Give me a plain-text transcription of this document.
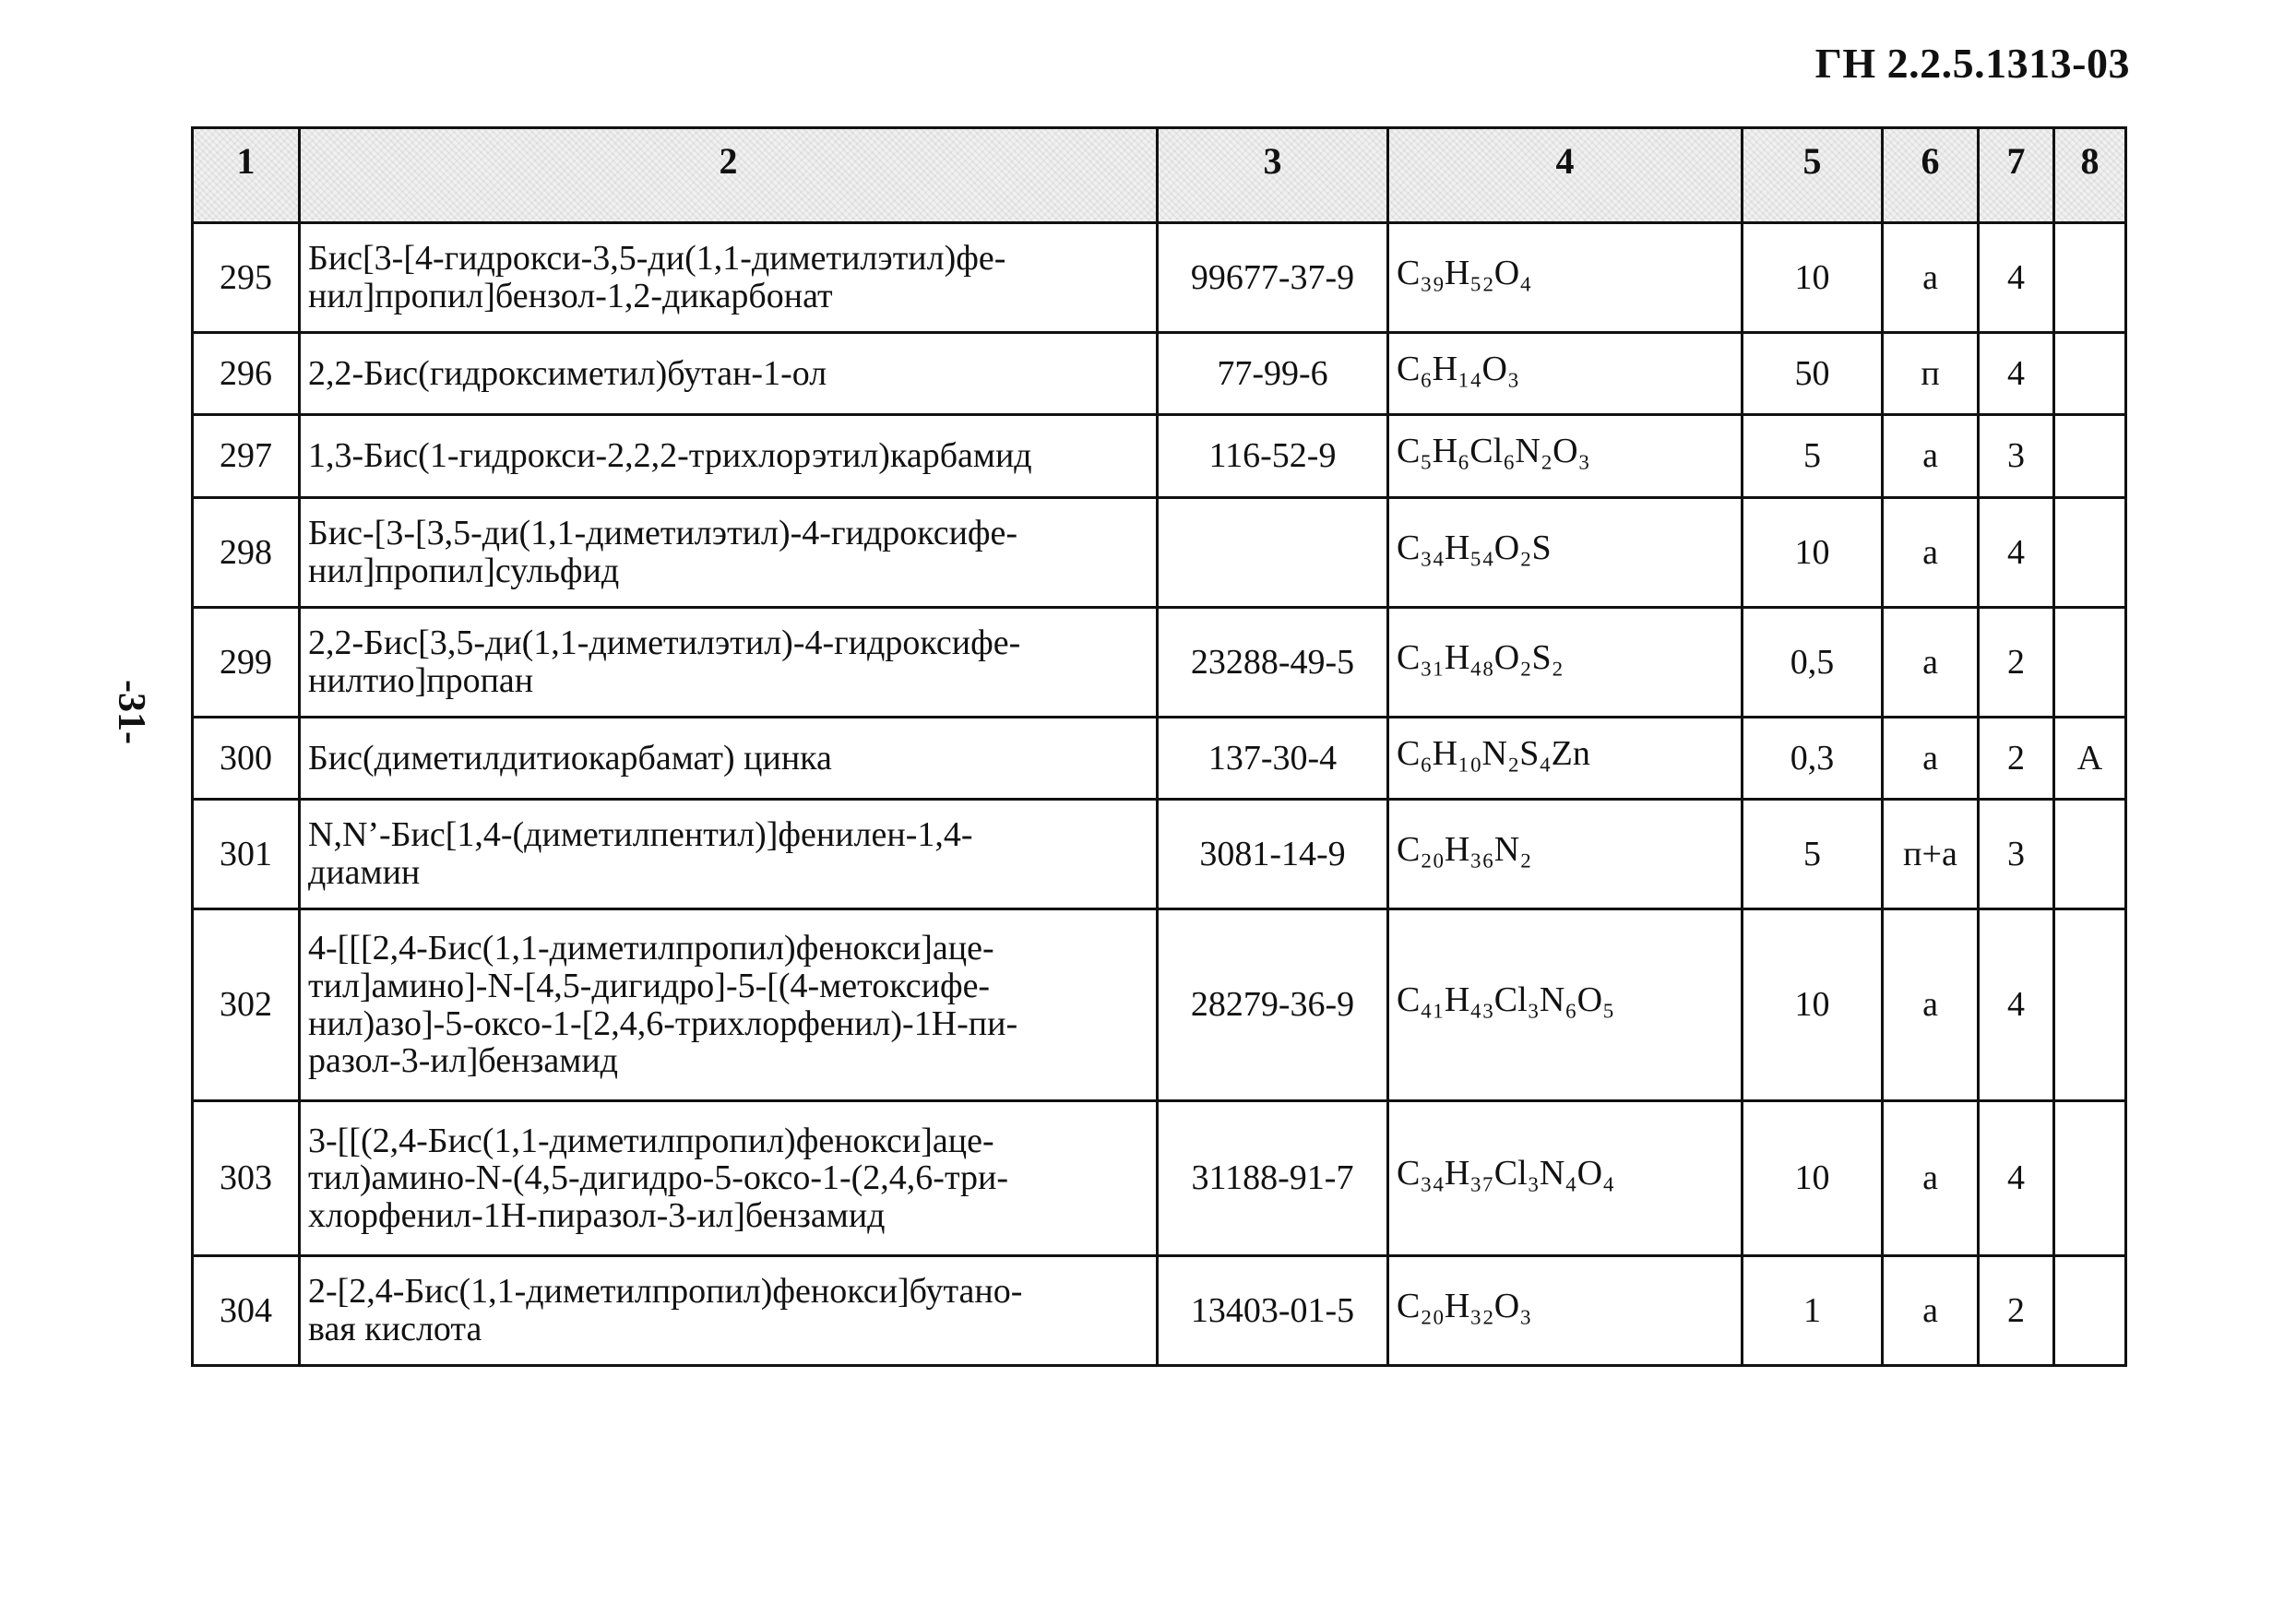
ГН 2.2.5.1313-03
-31-
1	2	3	4	5	6	7	8
295	Бис[3-[4-гидрокси-3,5-ди(1,1-диметилэтил)фе-
нил]пропил]бензол-1,2-дикарбонат	99677-37-9	C₃₉H₅₂O₄	10	а	4	
296	2,2-Бис(гидроксиметил)бутан-1-ол	77-99-6	C₆H₁₄O₃	50	п	4	
297	1,3-Бис(1-гидрокси-2,2,2-трихлорэтил)карбамид	116-52-9	C₅H₆Cl₆N₂O₃	5	а	3	
298	Бис-[3-[3,5-ди(1,1-диметилэтил)-4-гидроксифе-
нил]пропил]сульфид		C₃₄H₅₄O₂S	10	а	4	
299	2,2-Бис[3,5-ди(1,1-диметилэтил)-4-гидроксифе-
нилтио]пропан	23288-49-5	C₃₁H₄₈O₂S₂	0,5	а	2	
300	Бис(диметилдитиокарбамат) цинка	137-30-4	C₆H₁₀N₂S₄Zn	0,3	а	2	А
301	N,N’-Бис[1,4-(диметилпентил)]фенилен-1,4-
диамин	3081-14-9	C₂₀H₃₆N₂	5	п+а	3	
302	4-[[[2,4-Бис(1,1-диметилпропил)фенокси]аце-
тил]амино]-N-[4,5-дигидро]-5-[(4-метоксифе-
нил)азо]-5-оксо-1-[2,4,6-трихлорфенил)-1Н-пи-
разол-3-ил]бензамид	28279-36-9	C₄₁H₄₃Cl₃N₆O₅	10	а	4	
303	3-[[(2,4-Бис(1,1-диметилпропил)фенокси]аце-
тил)амино-N-(4,5-дигидро-5-оксо-1-(2,4,6-три-
хлорфенил-1Н-пиразол-3-ил]бензамид	31188-91-7	C₃₄H₃₇Cl₃N₄O₄	10	а	4	
304	2-[2,4-Бис(1,1-диметилпропил)фенокси]бутано-
вая кислота	13403-01-5	C₂₀H₃₂O₃	1	а	2	
